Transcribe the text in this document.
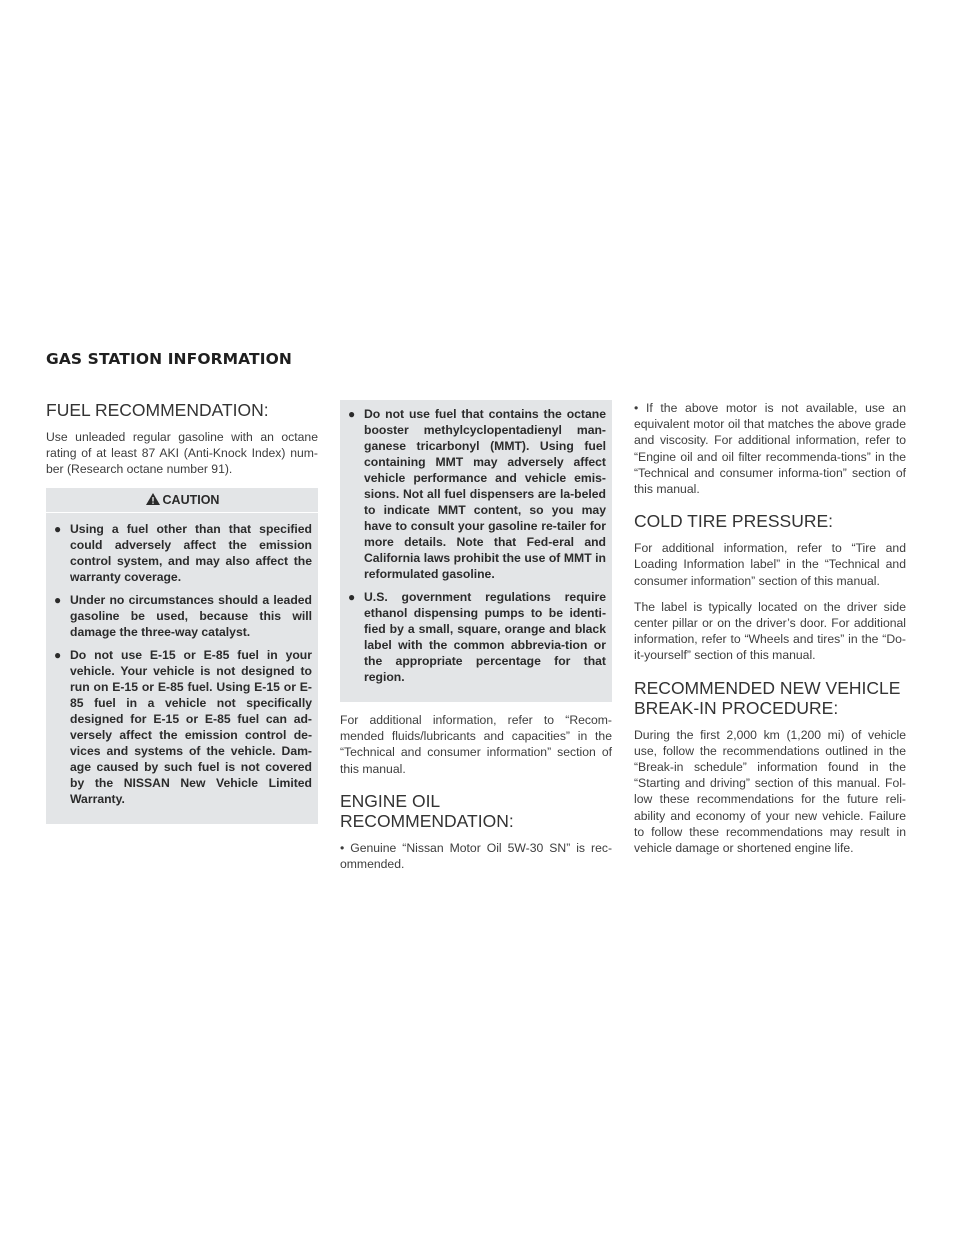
GAS STATION INFORMATION
FUEL RECOMMENDATION:

Use unleaded regular gasoline with an octane rating of at least 87 AKI (Anti-Knock Index) num-ber (Research octane number 91).

CAUTION
● Using a fuel other than that specified could adversely affect the emission control system, and may also affect the warranty coverage.
● Under no circumstances should a leaded gasoline be used, because this will damage the three-way catalyst.
● Do not use E-15 or E-85 fuel in your vehicle. Your vehicle is not designed to run on E-15 or E-85 fuel. Using E-15 or E-85 fuel in a vehicle not specifically designed for E-15 or E-85 fuel can ad-versely affect the emission control de-vices and systems of the vehicle. Dam-age caused by such fuel is not covered by the NISSAN New Vehicle Limited Warranty.
● Do not use fuel that contains the octane booster methylcyclopentadienyl man-ganese tricarbonyl (MMT). Using fuel containing MMT may adversely affect vehicle performance and vehicle emis-sions. Not all fuel dispensers are la-beled to indicate MMT content, so you may have to consult your gasoline re-tailer for more details. Note that Fed-eral and California laws prohibit the use of MMT in reformulated gasoline.
● U.S. government regulations require ethanol dispensing pumps to be identi-fied by a small, square, orange and black label with the common abbrevia-tion or the appropriate percentage for that region.

For additional information, refer to “Recom-mended fluids/lubricants and capacities” in the “Technical and consumer information” section of this manual.

ENGINE OIL RECOMMENDATION:

• Genuine “Nissan Motor Oil 5W-30 SN” is rec-ommended.

• If the above motor is not available, use an equivalent motor oil that matches the above grade and viscosity. For additional information, refer to “Engine oil and oil filter recommenda-tions” in the “Technical and consumer informa-tion” section of this manual.

COLD TIRE PRESSURE:

For additional information, refer to “Tire and Loading Information label” in the “Technical and consumer information” section of this manual.

The label is typically located on the driver side center pillar or on the driver’s door. For additional information, refer to “Wheels and tires” in the “Do-it-yourself” section of this manual.

RECOMMENDED NEW VEHICLE
BREAK-IN PROCEDURE:

During the first 2,000 km (1,200 mi) of vehicle use, follow the recommendations outlined in the “Break-in schedule” information found in the “Starting and driving” section of this manual. Fol-low these recommendations for the future reli-ability and economy of your new vehicle. Failure to follow these recommendations may result in vehicle damage or shortened engine life.
